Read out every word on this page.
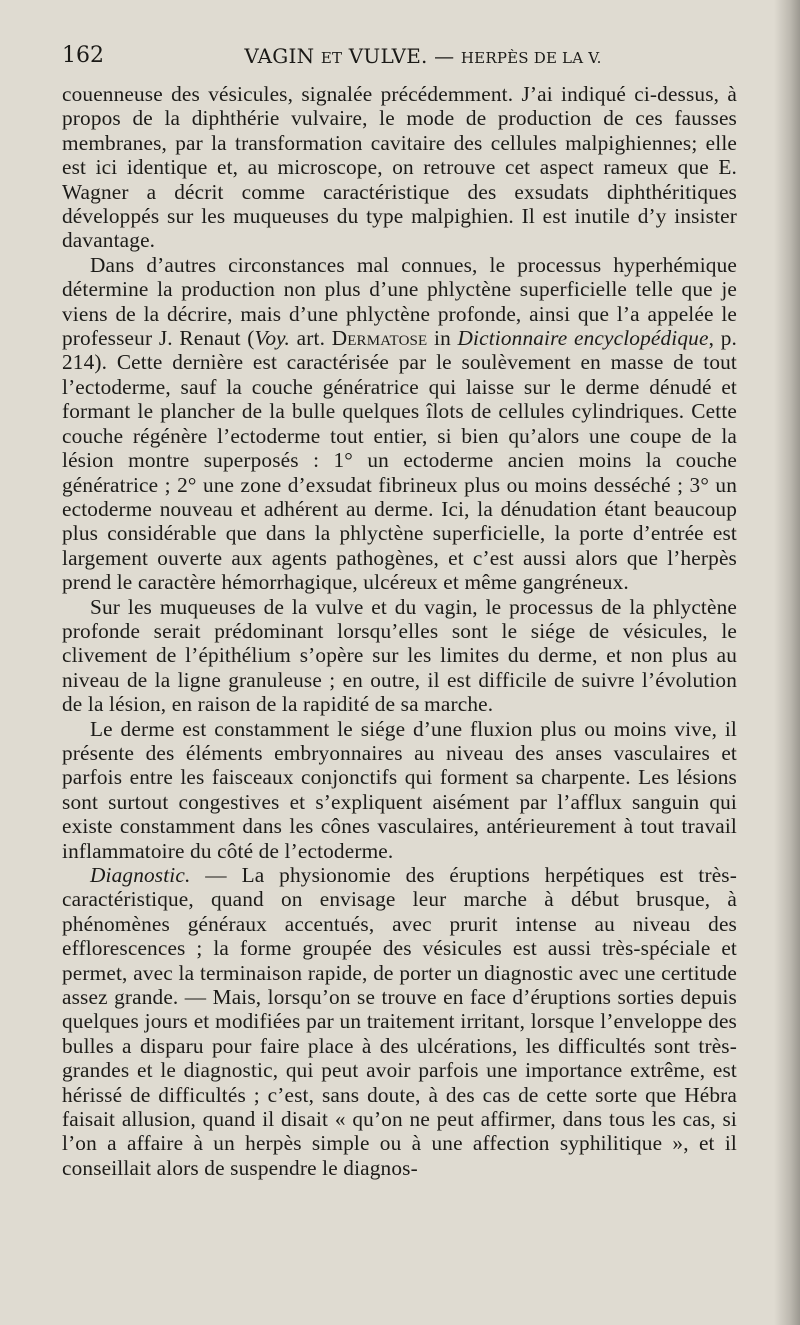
162	VAGIN ET VULVE. — HERPÈS DE LA V.

couenneuse des vésicules, signalée précédemment. J’ai indiqué ci-dessus, à propos de la diphthérie vulvaire, le mode de production de ces fausses membranes, par la transformation cavitaire des cellules malpighiennes; elle est ici identique et, au microscope, on retrouve cet aspect rameux que E. Wagner a décrit comme caractéristique des exsudats diphthéritiques développés sur les muqueuses du type malpighien. Il est inutile d’y insister davantage.

Dans d’autres circonstances mal connues, le processus hyperhémique détermine la production non plus d’une phlyctène superficielle telle que je viens de la décrire, mais d’une phlyctène profonde, ainsi que l’a appelée le professeur J. Renaut (Voy. art. Dermatose in Dictionnaire encyclopédique, p. 214). Cette dernière est caractérisée par le soulèvement en masse de tout l’ectoderme, sauf la couche génératrice qui laisse sur le derme dénudé et formant le plancher de la bulle quelques îlots de cellules cylindriques. Cette couche régénère l’ectoderme tout entier, si bien qu’alors une coupe de la lésion montre superposés : 1° un ectoderme ancien moins la couche génératrice ; 2° une zone d’exsudat fibrineux plus ou moins desséché ; 3° un ectoderme nouveau et adhérent au derme. Ici, la dénudation étant beaucoup plus considérable que dans la phlyctène superficielle, la porte d’entrée est largement ouverte aux agents pathogènes, et c’est aussi alors que l’herpès prend le caractère hémorrhagique, ulcéreux et même gangréneux.

Sur les muqueuses de la vulve et du vagin, le processus de la phlyctène profonde serait prédominant lorsqu’elles sont le siége de vésicules, le clivement de l’épithélium s’opère sur les limites du derme, et non plus au niveau de la ligne granuleuse ; en outre, il est difficile de suivre l’évolution de la lésion, en raison de la rapidité de sa marche.

Le derme est constamment le siége d’une fluxion plus ou moins vive, il présente des éléments embryonnaires au niveau des anses vasculaires et parfois entre les faisceaux conjonctifs qui forment sa charpente. Les lésions sont surtout congestives et s’expliquent aisément par l’afflux sanguin qui existe constamment dans les cônes vasculaires, antérieurement à tout travail inflammatoire du côté de l’ectoderme.

Diagnostic. — La physionomie des éruptions herpétiques est très-caractéristique, quand on envisage leur marche à début brusque, à phénomènes généraux accentués, avec prurit intense au niveau des efflorescences ; la forme groupée des vésicules est aussi très-spéciale et permet, avec la terminaison rapide, de porter un diagnostic avec une certitude assez grande. — Mais, lorsqu’on se trouve en face d’éruptions sorties depuis quelques jours et modifiées par un traitement irritant, lorsque l’enveloppe des bulles a disparu pour faire place à des ulcérations, les difficultés sont très-grandes et le diagnostic, qui peut avoir parfois une importance extrême, est hérissé de difficultés ; c’est, sans doute, à des cas de cette sorte que Hébra faisait allusion, quand il disait « qu’on ne peut affirmer, dans tous les cas, si l’on a affaire à un herpès simple ou à une affection syphilitique », et il conseillait alors de suspendre le diagnos-
